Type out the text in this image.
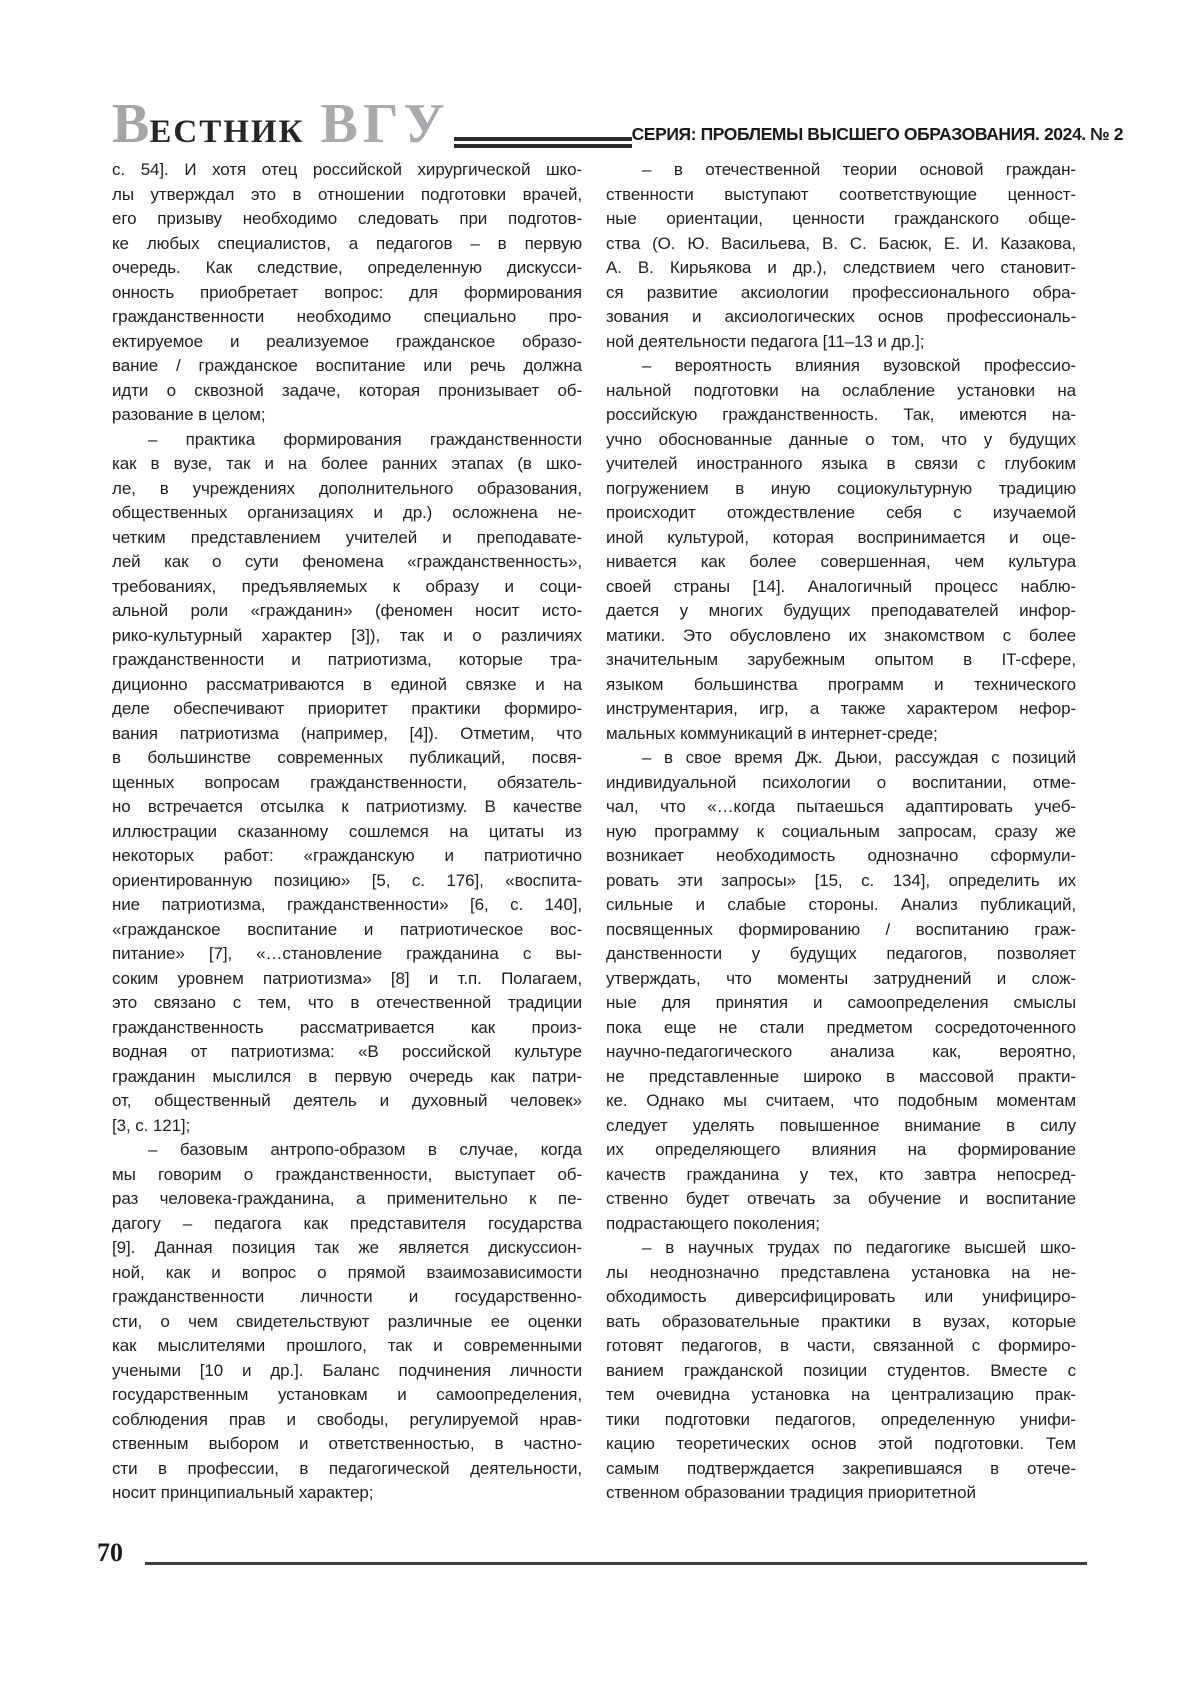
ВЕСТНИК ВГУ	СЕРИЯ: ПРОБЛЕМЫ ВЫСШЕГО ОБРАЗОВАНИЯ. 2024. № 2
с. 54]. И хотя отец российской хирургической шко-
лы утверждал это в отношении подготовки врачей,
его призыву необходимо следовать при подготов-
ке любых специалистов, а педагогов – в первую
очередь. Как следствие, определенную дискусси-
онность приобретает вопрос: для формирования
гражданственности необходимо специально про-
ектируемое и реализуемое гражданское образо-
вание / гражданское воспитание или речь должна
идти о сквозной задаче, которая пронизывает об-
разование в целом;
– практика формирования гражданственности
как в вузе, так и на более ранних этапах (в шко-
ле, в учреждениях дополнительного образования,
общественных организациях и др.) осложнена не-
четким представлением учителей и преподавате-
лей как о сути феномена «гражданственность»,
требованиях, предъявляемых к образу и соци-
альной роли «гражданин» (феномен носит исто-
рико-культурный характер [3]), так и о различиях
гражданственности и патриотизма, которые тра-
диционно рассматриваются в единой связке и на
деле обеспечивают приоритет практики формиро-
вания патриотизма (например, [4]). Отметим, что
в большинстве современных публикаций, посвя-
щенных вопросам гражданственности, обязатель-
но встречается отсылка к патриотизму. В качестве
иллюстрации сказанному сошлемся на цитаты из
некоторых работ: «гражданскую и патриотично
ориентированную позицию» [5, с. 176], «воспита-
ние патриотизма, гражданственности» [6, с. 140],
«гражданское воспитание и патриотическое вос-
питание» [7], «…становление гражданина с вы-
соким уровнем патриотизма» [8] и т.п. Полагаем,
это связано с тем, что в отечественной традиции
гражданственность рассматривается как произ-
водная от патриотизма: «В российской культуре
гражданин мыслился в первую очередь как патри-
от, общественный деятель и духовный человек»
[3, с. 121];
– базовым антропо-образом в случае, когда
мы говорим о гражданственности, выступает об-
раз человека-гражданина, а применительно к пе-
дагогу – педагога как представителя государства
[9]. Данная позиция так же является дискуссион-
ной, как и вопрос о прямой взаимозависимости
гражданственности личности и государственно-
сти, о чем свидетельствуют различные ее оценки
как мыслителями прошлого, так и современными
учеными [10 и др.]. Баланс подчинения личности
государственным установкам и самоопределения,
соблюдения прав и свободы, регулируемой нрав-
ственным выбором и ответственностью, в частно-
сти в профессии, в педагогической деятельности,
носит принципиальный характер;
– в отечественной теории основой граждан-
ственности выступают соответствующие ценност-
ные ориентации, ценности гражданского обще-
ства (О. Ю. Васильева, В. С. Басюк, Е. И. Казакова,
А. В. Кирьякова и др.), следствием чего становит-
ся развитие аксиологии профессионального обра-
зования и аксиологических основ профессиональ-
ной деятельности педагога [11–13 и др.];
– вероятность влияния вузовской профессио-
нальной подготовки на ослабление установки на
российскую гражданственность. Так, имеются на-
учно обоснованные данные о том, что у будущих
учителей иностранного языка в связи с глубоким
погружением в иную социокультурную традицию
происходит отождествление себя с изучаемой
иной культурой, которая воспринимается и оце-
нивается как более совершенная, чем культура
своей страны [14]. Аналогичный процесс наблю-
дается у многих будущих преподавателей инфор-
матики. Это обусловлено их знакомством с более
значительным зарубежным опытом в IT-сфере,
языком большинства программ и технического
инструментария, игр, а также характером нефор-
мальных коммуникаций в интернет-среде;
– в свое время Дж. Дьюи, рассуждая с позиций
индивидуальной психологии о воспитании, отме-
чал, что «…когда пытаешься адаптировать учеб-
ную программу к социальным запросам, сразу же
возникает необходимость однозначно сформули-
ровать эти запросы» [15, с. 134], определить их
сильные и слабые стороны. Анализ публикаций,
посвященных формированию / воспитанию граж-
данственности у будущих педагогов, позволяет
утверждать, что моменты затруднений и слож-
ные для принятия и самоопределения смыслы
пока еще не стали предметом сосредоточенного
научно-педагогического анализа как, вероятно,
не представленные широко в массовой практи-
ке. Однако мы считаем, что подобным моментам
следует уделять повышенное внимание в силу
их определяющего влияния на формирование
качеств гражданина у тех, кто завтра непосред-
ственно будет отвечать за обучение и воспитание
подрастающего поколения;
– в научных трудах по педагогике высшей шко-
лы неоднозначно представлена установка на не-
обходимость диверсифицировать или унифициро-
вать образовательные практики в вузах, которые
готовят педагогов, в части, связанной с формиро-
ванием гражданской позиции студентов. Вместе с
тем очевидна установка на централизацию прак-
тики подготовки педагогов, определенную унифи-
кацию теоретических основ этой подготовки. Тем
самым подтверждается закрепившаяся в отече-
ственном образовании традиция приоритетной
70
